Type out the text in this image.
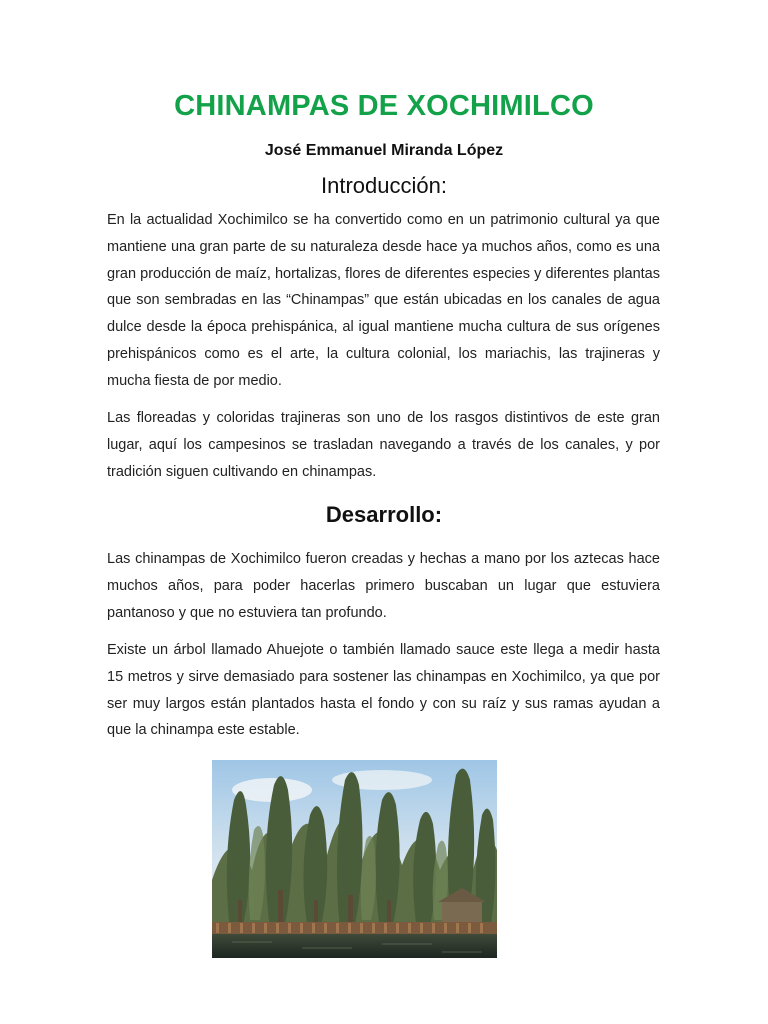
CHINAMPAS DE XOCHIMILCO

José Emmanuel Miranda López

Introducción:

En la actualidad Xochimilco se ha convertido como en un patrimonio cultural ya que mantiene una gran parte de su naturaleza desde hace ya muchos años, como es una gran producción de maíz, hortalizas, flores de diferentes especies y diferentes plantas que son sembradas en las “Chinampas” que están ubicadas en los canales de agua dulce desde la época prehispánica, al igual mantiene mucha cultura de sus orígenes prehispánicos como es el arte, la cultura colonial, los mariachis, las trajineras y mucha fiesta de por medio.

Las floreadas y coloridas trajineras son uno de los rasgos distintivos de este gran lugar, aquí los campesinos se trasladan navegando a través de los canales, y por tradición siguen cultivando en chinampas.

Desarrollo:

Las chinampas de Xochimilco fueron creadas y hechas a mano por los aztecas hace muchos años, para poder hacerlas primero buscaban un lugar que estuviera pantanoso y que no estuviera tan profundo.

Existe un árbol llamado Ahuejote o también llamado sauce este llega a medir hasta 15 metros y sirve demasiado para sostener las chinampas en Xochimilco, ya que por ser muy largos están plantados hasta el fondo y con su raíz y sus ramas ayudan a que la chinampa este estable.
